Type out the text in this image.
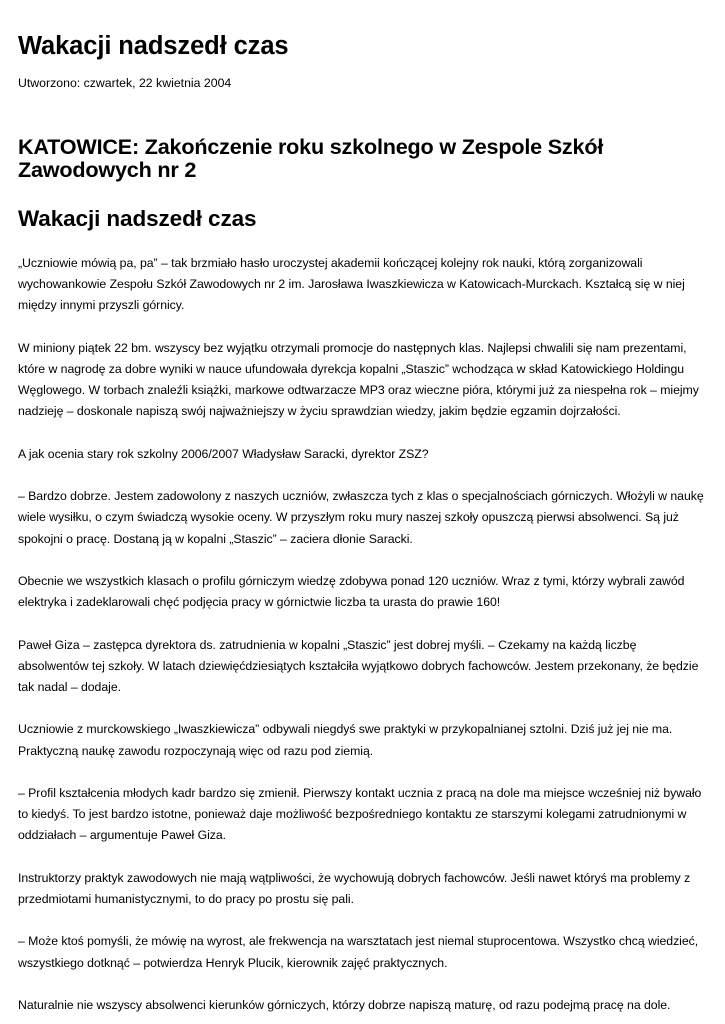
Wakacji nadszedł czas

Utworzono: czwartek, 22 kwietnia 2004

KATOWICE: Zakończenie roku szkolnego w Zespole Szkół Zawodowych nr 2
Wakacji nadszedł czas

„Uczniowie mówią pa, pa” – tak brzmiało hasło uroczystej akademii kończącej kolejny rok nauki, którą zorganizowali wychowankowie Zespołu Szkół Zawodowych nr 2 im. Jarosława Iwaszkiewicza w Katowicach-Murckach. Kształcą się w niej między innymi przyszli górnicy.

W miniony piątek 22 bm. wszyscy bez wyjątku otrzymali promocje do następnych klas. Najlepsi chwalili się nam prezentami, które w nagrodę za dobre wyniki w nauce ufundowała dyrekcja kopalni „Staszic” wchodząca w skład Katowickiego Holdingu Węglowego. W torbach znaleźli książki, markowe odtwarzacze MP3 oraz wieczne pióra, którymi już za niespełna rok – miejmy nadzieję – doskonale napiszą swój najważniejszy w życiu sprawdzian wiedzy, jakim będzie egzamin dojrzałości.

A jak ocenia stary rok szkolny 2006/2007 Władysław Saracki, dyrektor ZSZ?

– Bardzo dobrze. Jestem zadowolony z naszych uczniów, zwłaszcza tych z klas o specjalnościach górniczych. Włożyli w naukę wiele wysiłku, o czym świadczą wysokie oceny. W przyszłym roku mury naszej szkoły opuszczą pierwsi absolwenci. Są już spokojni o pracę. Dostaną ją w kopalni „Staszic” – zaciera dłonie Saracki.

Obecnie we wszystkich klasach o profilu górniczym wiedzę zdobywa ponad 120 uczniów. Wraz z tymi, którzy wybrali zawód elektryka i zadeklarowali chęć podjęcia pracy w górnictwie liczba ta urasta do prawie 160!

Paweł Giza – zastępca dyrektora ds. zatrudnienia w kopalni „Staszic” jest dobrej myśli. – Czekamy na każdą liczbę absolwentów tej szkoły. W latach dziewięćdziesiątych kształciła wyjątkowo dobrych fachowców. Jestem przekonany, że będzie tak nadal – dodaje.

Uczniowie z murckowskiego „Iwaszkiewicza” odbywali niegdyś swe praktyki w przykopalnianej sztolni. Dziś już jej nie ma. Praktyczną naukę zawodu rozpoczynają więc od razu pod ziemią.

– Profil kształcenia młodych kadr bardzo się zmienił. Pierwszy kontakt ucznia z pracą na dole ma miejsce wcześniej niż bywało to kiedyś. To jest bardzo istotne, ponieważ daje możliwość bezpośredniego kontaktu ze starszymi kolegami zatrudnionymi w oddziałach – argumentuje Paweł Giza.

Instruktorzy praktyk zawodowych nie mają wątpliwości, że wychowują dobrych fachowców. Jeśli nawet któryś ma problemy z przedmiotami humanistycznymi, to do pracy po prostu się pali.

– Może ktoś pomyśli, że mówię na wyrost, ale frekwencja na warsztatach jest niemal stuprocentowa. Wszystko chcą wiedzieć, wszystkiego dotknąć – potwierdza Henryk Plucik, kierownik zajęć praktycznych.

Naturalnie nie wszyscy absolwenci kierunków górniczych, którzy dobrze napiszą maturę, od razu podejmą pracę na dole.
